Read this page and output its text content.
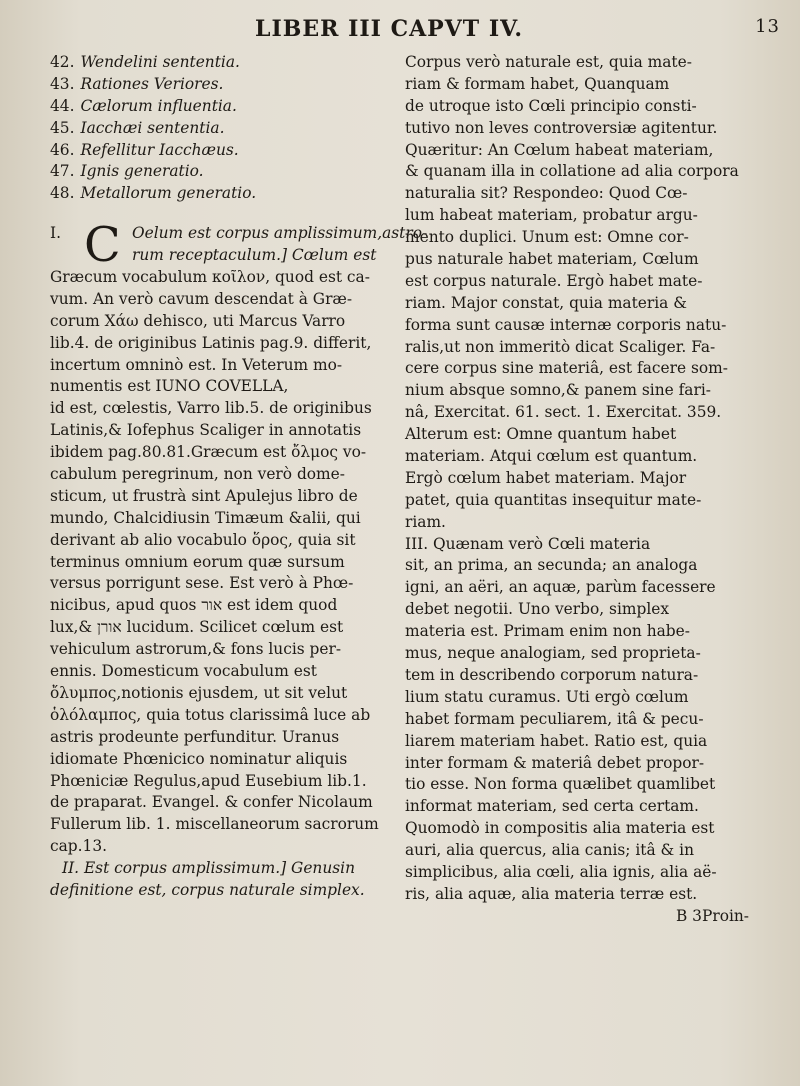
LIBER III CAPVT IV.	13
42. Wendelini sententia.
43. Rationes Veriores.
44. Cælorum influentia.
45. Iacchæi sententia.
46. Refellitur Iacchæus.
47. Ignis generatio.
48. Metallorum generatio.
C
I.	Oelum est corpus amplissimum,astro-
rum receptaculum.] Cœlum est
Græcum vocabulum κοῖλον, quod est ca-
vum. An verò cavum descendat à Græ-
corum Χάω dehisco, uti Marcus Varro
lib.4. de originibus Latinis pag.9. differit,
incertum omninò est. In Veterum mo-
numentis est IUNO COVELLA,
id est, cœlestis, Varro lib.5. de originibus
Latinis,& Iofephus Scaliger in annotatis
ibidem pag.80.81.Græcum est ὄλμος vo-
cabulum peregrinum, non verò dome-
sticum, ut frustrà sint Apulejus libro de
mundo, Chalcidiusin Timæum &alii, qui
derivant ab alio vocabulo ὅρος, quia sit
terminus omnium eorum quæ sursum
versus porrigunt sese. Est verò à Phœ-
nicibus, apud quos אור est idem quod
lux,& אורן lucidum. Scilicet cœlum est
vehiculum astrorum,& fons lucis per-
ennis. Domesticum vocabulum est
ὄλυμπος,notionis ejusdem, ut sit velut
ὁλόλαμπος, quia totus clarissimâ luce ab
astris prodeunte perfunditur. Uranus
idiomate Phœnicico nominatur aliquis
Phœniciæ Regulus,apud Eusebium lib.1.
de praparat. Evangel. & confer Nicolaum
Fullerum lib. 1. miscellaneorum sacrorum
cap.13.
II. Est corpus amplissimum.] Genusin
definitione est, corpus naturale simplex.
Corpus verò naturale est, quia mate-
riam & formam habet, Quanquam
de utroque isto Cœli principio consti-
tutivo non leves controversiæ agitentur.
Quæritur: An Cœlum habeat materiam,
& quanam illa in collatione ad alia corpora
naturalia sit? Respondeo: Quod Cœ-
lum habeat materiam, probatur argu-
mento duplici. Unum est: Omne cor-
pus naturale habet materiam, Cœlum
est corpus naturale. Ergò habet mate-
riam. Major constat, quia materia &
forma sunt causæ internæ corporis natu-
ralis,ut non immeritò dicat Scaliger. Fa-
cere corpus sine materiâ, est facere som-
nium absque somno,& panem sine fari-
nâ, Exercitat. 61. sect. 1. Exercitat. 359.
Alterum est: Omne quantum habet
materiam. Atqui cœlum est quantum.
Ergò cœlum habet materiam. Major
patet, quia quantitas insequitur mate-
riam.
III. Quænam verò Cœli materia
sit, an prima, an secunda; an analoga
igni, an aëri, an aquæ, parùm facessere
debet negotii. Uno verbo, simplex
materia est. Primam enim non habe-
mus, neque analogiam, sed proprieta-
tem in describendo corporum natura-
lium statu curamus. Uti ergò cœlum
habet formam peculiarem, itâ & pecu-
liarem materiam habet. Ratio est, quia
inter formam & materiâ debet propor-
tio esse. Non forma quælibet quamlibet
informat materiam, sed certa certam.
Quomodò in compositis alia materia est
auri, alia quercus, alia canis; itâ & in
simplicibus, alia cœli, alia ignis, alia aë-
ris, alia aquæ, alia materia terræ est.
B 3Proin-
